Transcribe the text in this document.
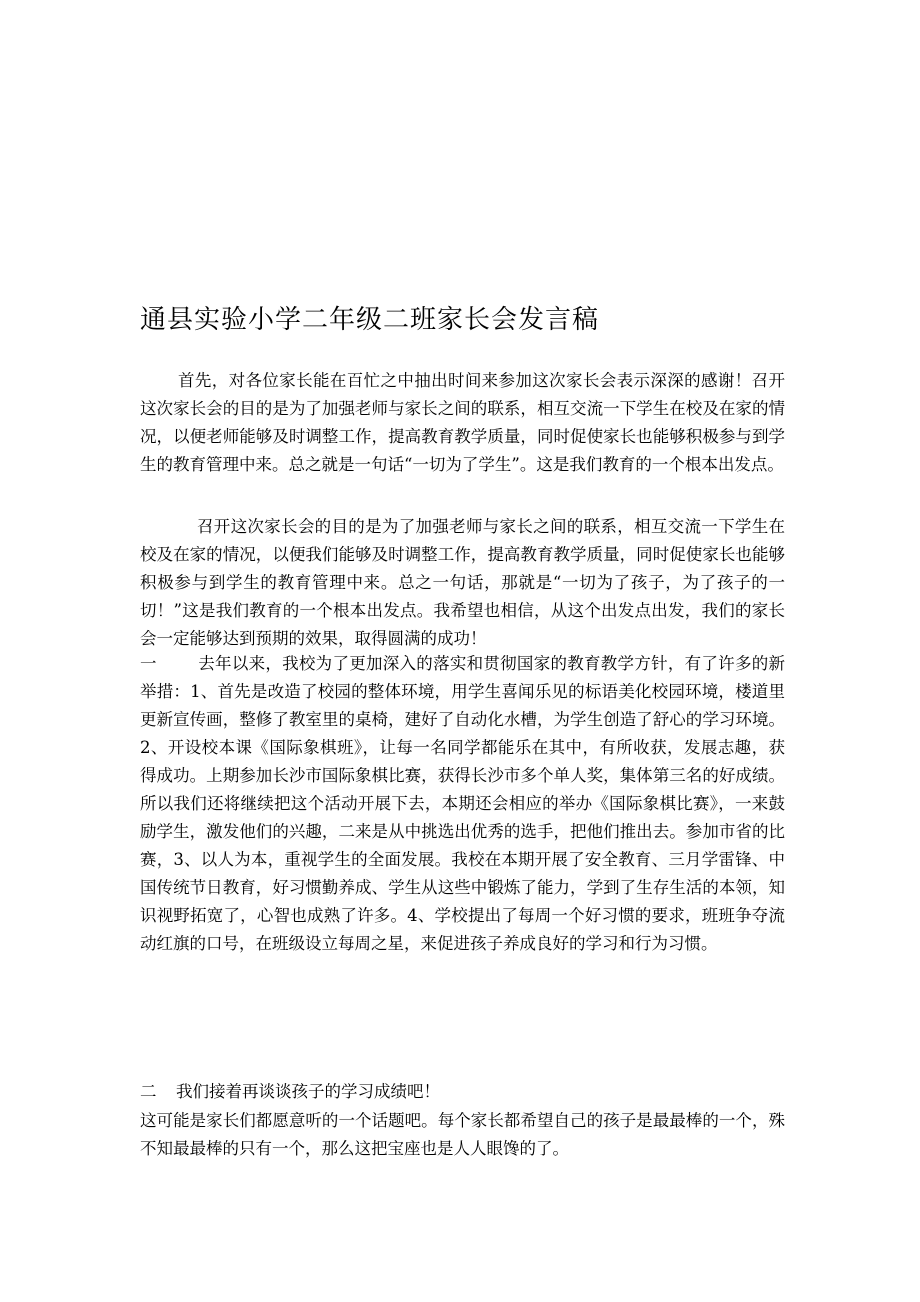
通县实验小学二年级二班家长会发言稿
首先，对各位家长能在百忙之中抽出时间来参加这次家长会表示深深的感谢！召开这次家长会的目的是为了加强老师与家长之间的联系，相互交流一下学生在校及在家的情况，以便老师能够及时调整工作，提高教育教学质量，同时促使家长也能够积极参与到学生的教育管理中来。总之就是一句话“一切为了学生”。这是我们教育的一个根本出发点。
召开这次家长会的目的是为了加强老师与家长之间的联系，相互交流一下学生在校及在家的情况，以便我们能够及时调整工作，提高教育教学质量，同时促使家长也能够积极参与到学生的教育管理中来。总之一句话，那就是“一切为了孩子，为了孩子的一切！”这是我们教育的一个根本出发点。我希望也相信，从这个出发点出发，我们的家长会一定能够达到预期的效果，取得圆满的成功！
一	去年以来，我校为了更加深入的落实和贯彻国家的教育教学方针，有了许多的新举措：1、首先是改造了校园的整体环境，用学生喜闻乐见的标语美化校园环境，楼道里更新宣传画，整修了教室里的桌椅，建好了自动化水槽，为学生创造了舒心的学习环境。 2、开设校本课《国际象棋班》，让每一名同学都能乐在其中，有所收获，发展志趣，获得成功。上期参加长沙市国际象棋比赛，获得长沙市多个单人奖，集体第三名的好成绩。所以我们还将继续把这个活动开展下去，本期还会相应的举办《国际象棋比赛》，一来鼓励学生，激发他们的兴趣，二来是从中挑选出优秀的选手，把他们推出去。参加市省的比赛，3、以人为本，重视学生的全面发展。我校在本期开展了安全教育、三月学雷锋、中国传统节日教育，好习惯勤养成、学生从这些中锻炼了能力，学到了生存生活的本领，知识视野拓宽了，心智也成熟了许多。4、学校提出了每周一个好习惯的要求，班班争夺流动红旗的口号，在班级设立每周之星，来促进孩子养成良好的学习和行为习惯。
二 我们接着再谈谈孩子的学习成绩吧！
这可能是家长们都愿意听的一个话题吧。每个家长都希望自己的孩子是最最棒的一个，殊不知最最棒的只有一个，那么这把宝座也是人人眼馋的了。
